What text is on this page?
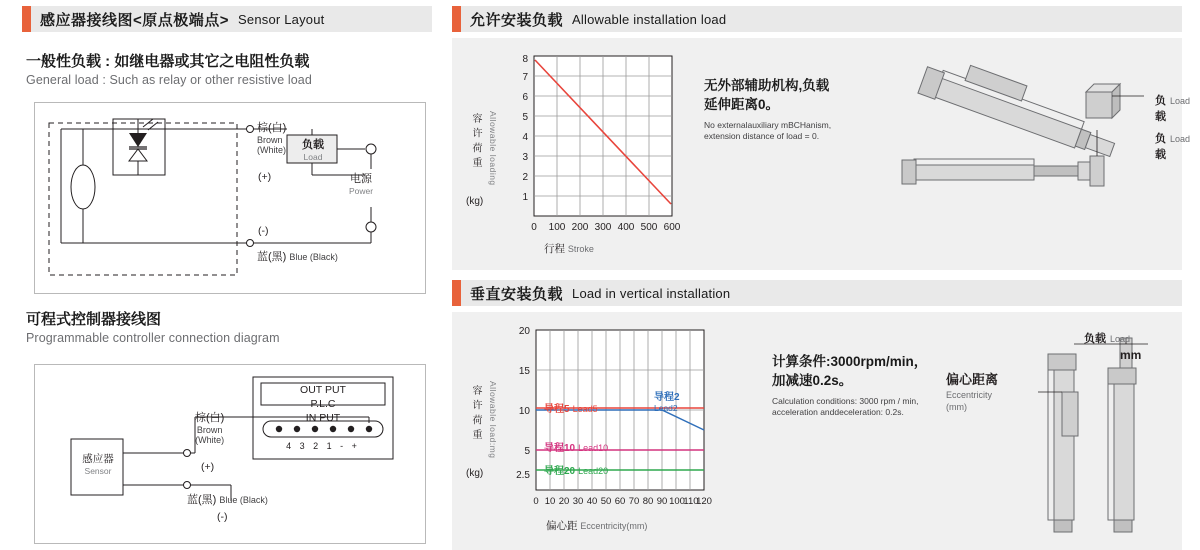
感应器接线图<原点极端点> Sensor Layout
一般性负载 : 如继电器或其它之电阻性负载
General load : Such as relay or other resistive load
棕(白)
Brown
(White)
(+)
(-)
负载
Load
电源
Power
蓝(黑) Blue (Black)
可程式控制器接线图
Programmable controller connection diagram
OUT PUT
P.L.C
IN PUT
4 3 2 1 - +
棕(白)
Brown
(White)
(+)
感应器
Sensor
蓝(黑) Blue (Black)
(-)
允许安装负载 Allowable installation load
容 许 荷 重
(kg)
Allowable loading
1
2
3
4
5
6
7
8
0 100 200 300 400 500 600
行程 Stroke
无外部辅助机构,负载
延伸距离0。
No externalauxiliary mBCHanism,
extension distance of load = 0.
负载
Load
负载
Load
垂直安装负载 Load in vertical installation
容 许 荷 重
(kg)
Allowable load:mg
20
15
10
5
2.5
0 10 20 30 40 50 60 70 80 90 100
110
120
导程5 Lead5
导程2
Lead2
导程10 Lead10
导程20 Lead20
偏心距 Eccentricity(mm)
计算条件:3000rpm/min，
加减速0.2s。
Calculation conditions: 3000 rpm / min,
acceleration anddeceleration: 0.2s.
负载 Load
mm
偏心距离
Eccentricity
(mm)
